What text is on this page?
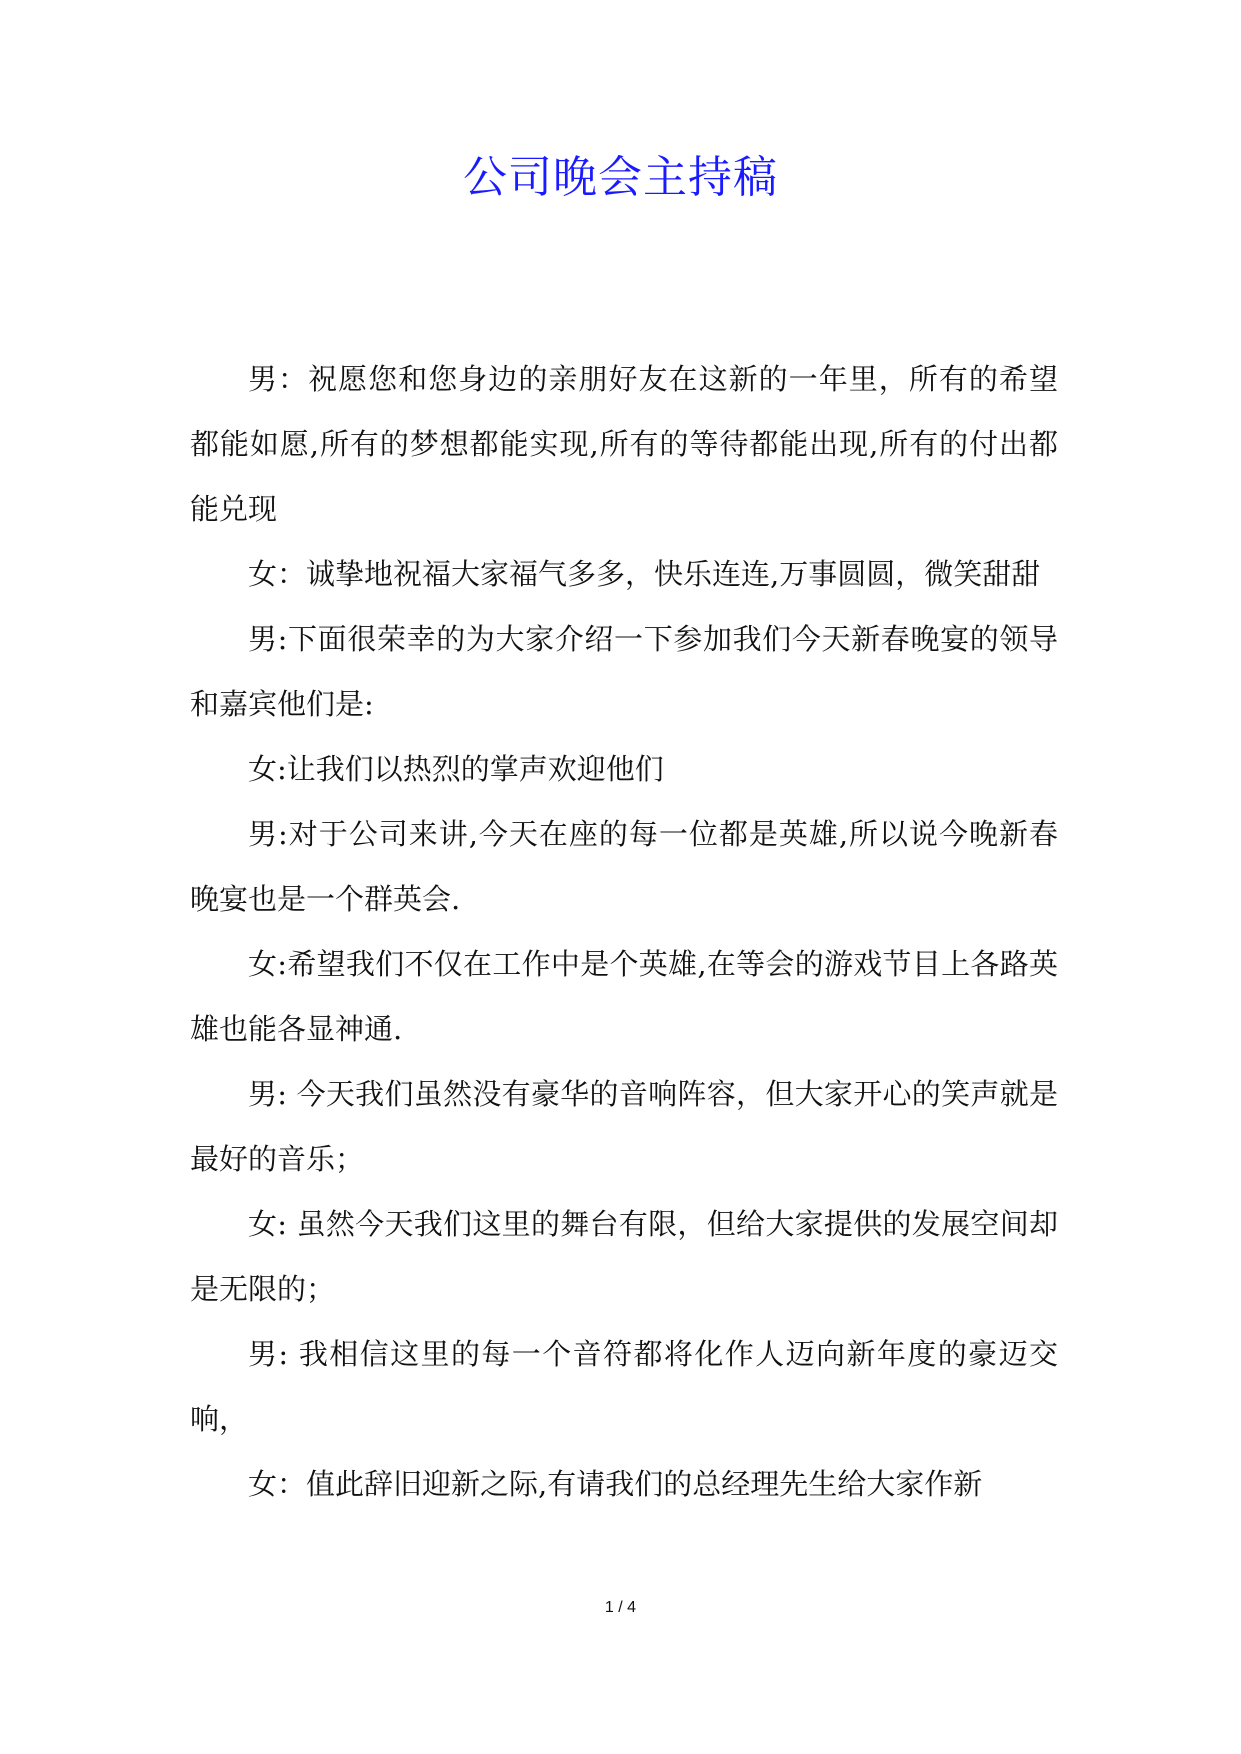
公司晚会主持稿

男：祝愿您和您身边的亲朋好友在这新的一年里，所有的希望都能如愿,所有的梦想都能实现,所有的等待都能出现,所有的付出都能兑现

女：诚挚地祝福大家福气多多，快乐连连,万事圆圆，微笑甜甜

男:下面很荣幸的为大家介绍一下参加我们今天新春晚宴的领导和嘉宾他们是:

女:让我们以热烈的掌声欢迎他们

男:对于公司来讲,今天在座的每一位都是英雄,所以说今晚新春晚宴也是一个群英会.

女:希望我们不仅在工作中是个英雄,在等会的游戏节目上各路英雄也能各显神通.

男: 今天我们虽然没有豪华的音响阵容，但大家开心的笑声就是最好的音乐；

女: 虽然今天我们这里的舞台有限，但给大家提供的发展空间却是无限的；

男: 我相信这里的每一个音符都将化作人迈向新年度的豪迈交响，

女：值此辞旧迎新之际,有请我们的总经理先生给大家作新

1 / 4
